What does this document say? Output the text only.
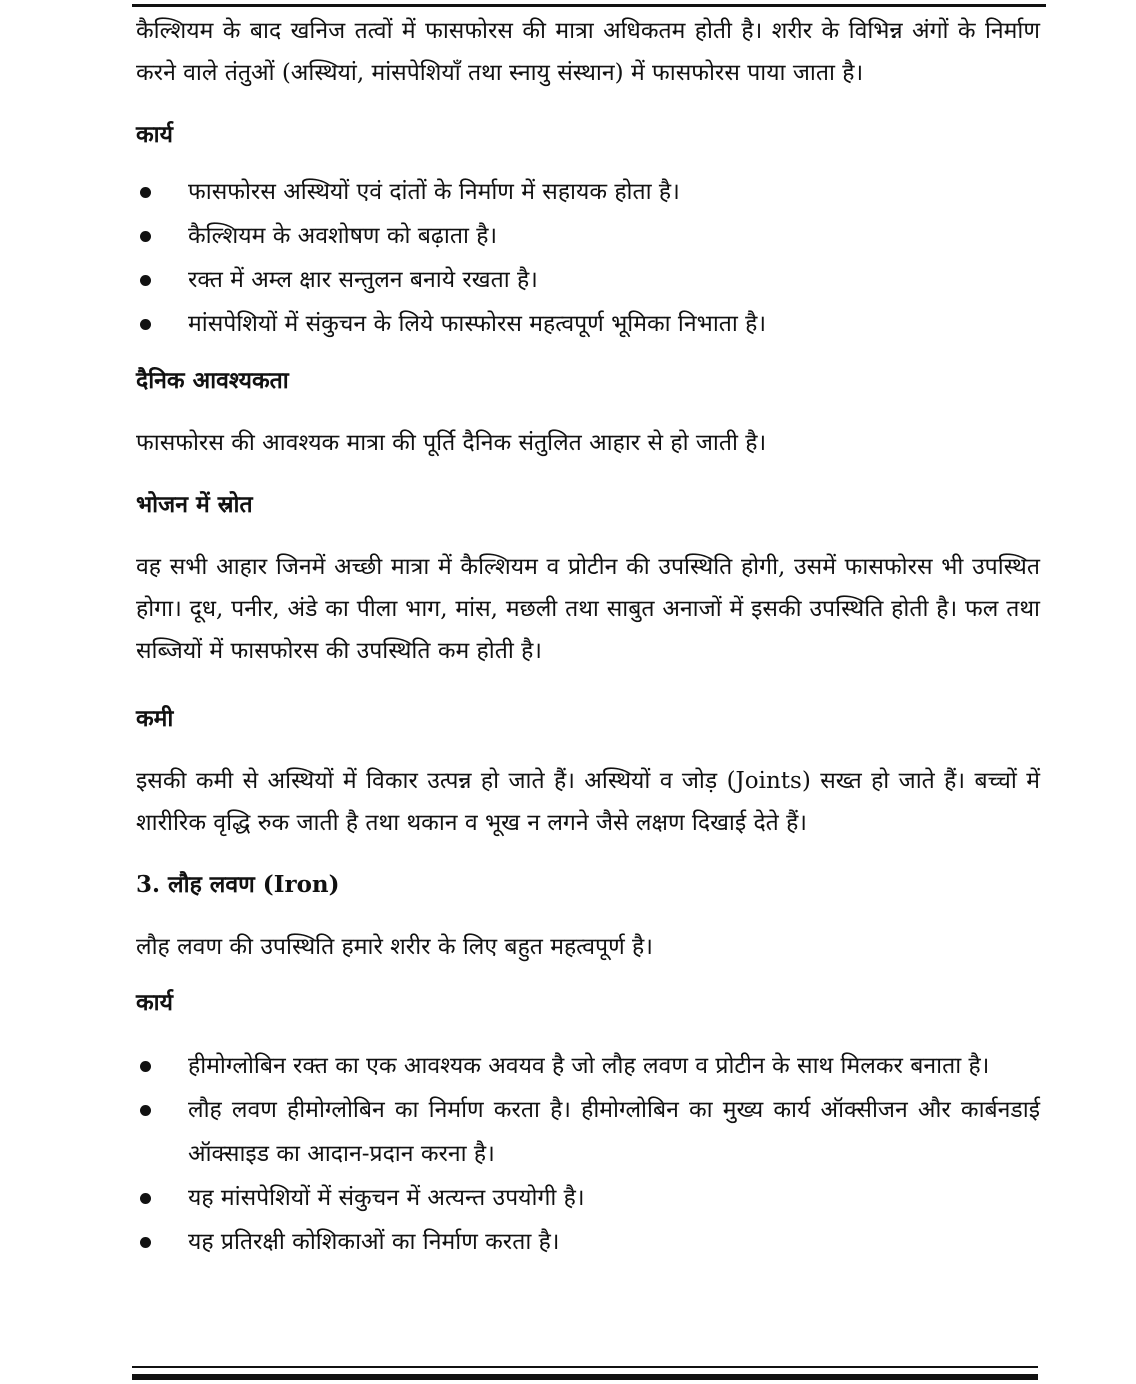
कैल्शियम के बाद खनिज तत्वों में फासफोरस की मात्रा अधिकतम होती है। शरीर के विभिन्न अंगों के निर्माण करने वाले तंतुओं (अस्थियां, मांसपेशियाँ तथा स्नायु संस्थान) में फासफोरस पाया जाता है।

कार्य
फासफोरस अस्थियों एवं दांतों के निर्माण में सहायक होता है।
कैल्शियम के अवशोषण को बढ़ाता है।
रक्त में अम्ल क्षार सन्तुलन बनाये रखता है।
मांसपेशियों में संकुचन के लिये फास्फोरस महत्वपूर्ण भूमिका निभाता है।
दैनिक आवश्यकता

फासफोरस की आवश्यक मात्रा की पूर्ति दैनिक संतुलित आहार से हो जाती है।

भोजन में स्रोत

वह सभी आहार जिनमें अच्छी मात्रा में कैल्शियम व प्रोटीन की उपस्थिति होगी, उसमें फासफोरस भी उपस्थित होगा। दूध, पनीर, अंडे का पीला भाग, मांस, मछली तथा साबुत अनाजों में इसकी उपस्थिति होती है। फल तथा सब्जियों में फासफोरस की उपस्थिति कम होती है।

कमी

इसकी कमी से अस्थियों में विकार उत्पन्न हो जाते हैं। अस्थियों व जोड़ (Joints) सख्त हो जाते हैं। बच्चों में शारीरिक वृद्धि रुक जाती है तथा थकान व भूख न लगने जैसे लक्षण दिखाई देते हैं।

3. लौह लवण (Iron)

लौह लवण की उपस्थिति हमारे शरीर के लिए बहुत महत्वपूर्ण है।

कार्य
हीमोग्लोबिन रक्त का एक आवश्यक अवयव है जो लौह लवण व प्रोटीन के साथ मिलकर बनाता है।
लौह लवण हीमोग्लोबिन का निर्माण करता है। हीमोग्लोबिन का मुख्य कार्य ऑक्सीजन और कार्बनडाई ऑक्साइड का आदान-प्रदान करना है।
यह मांसपेशियों में संकुचन में अत्यन्त उपयोगी है।
यह प्रतिरक्षी कोशिकाओं का निर्माण करता है।
